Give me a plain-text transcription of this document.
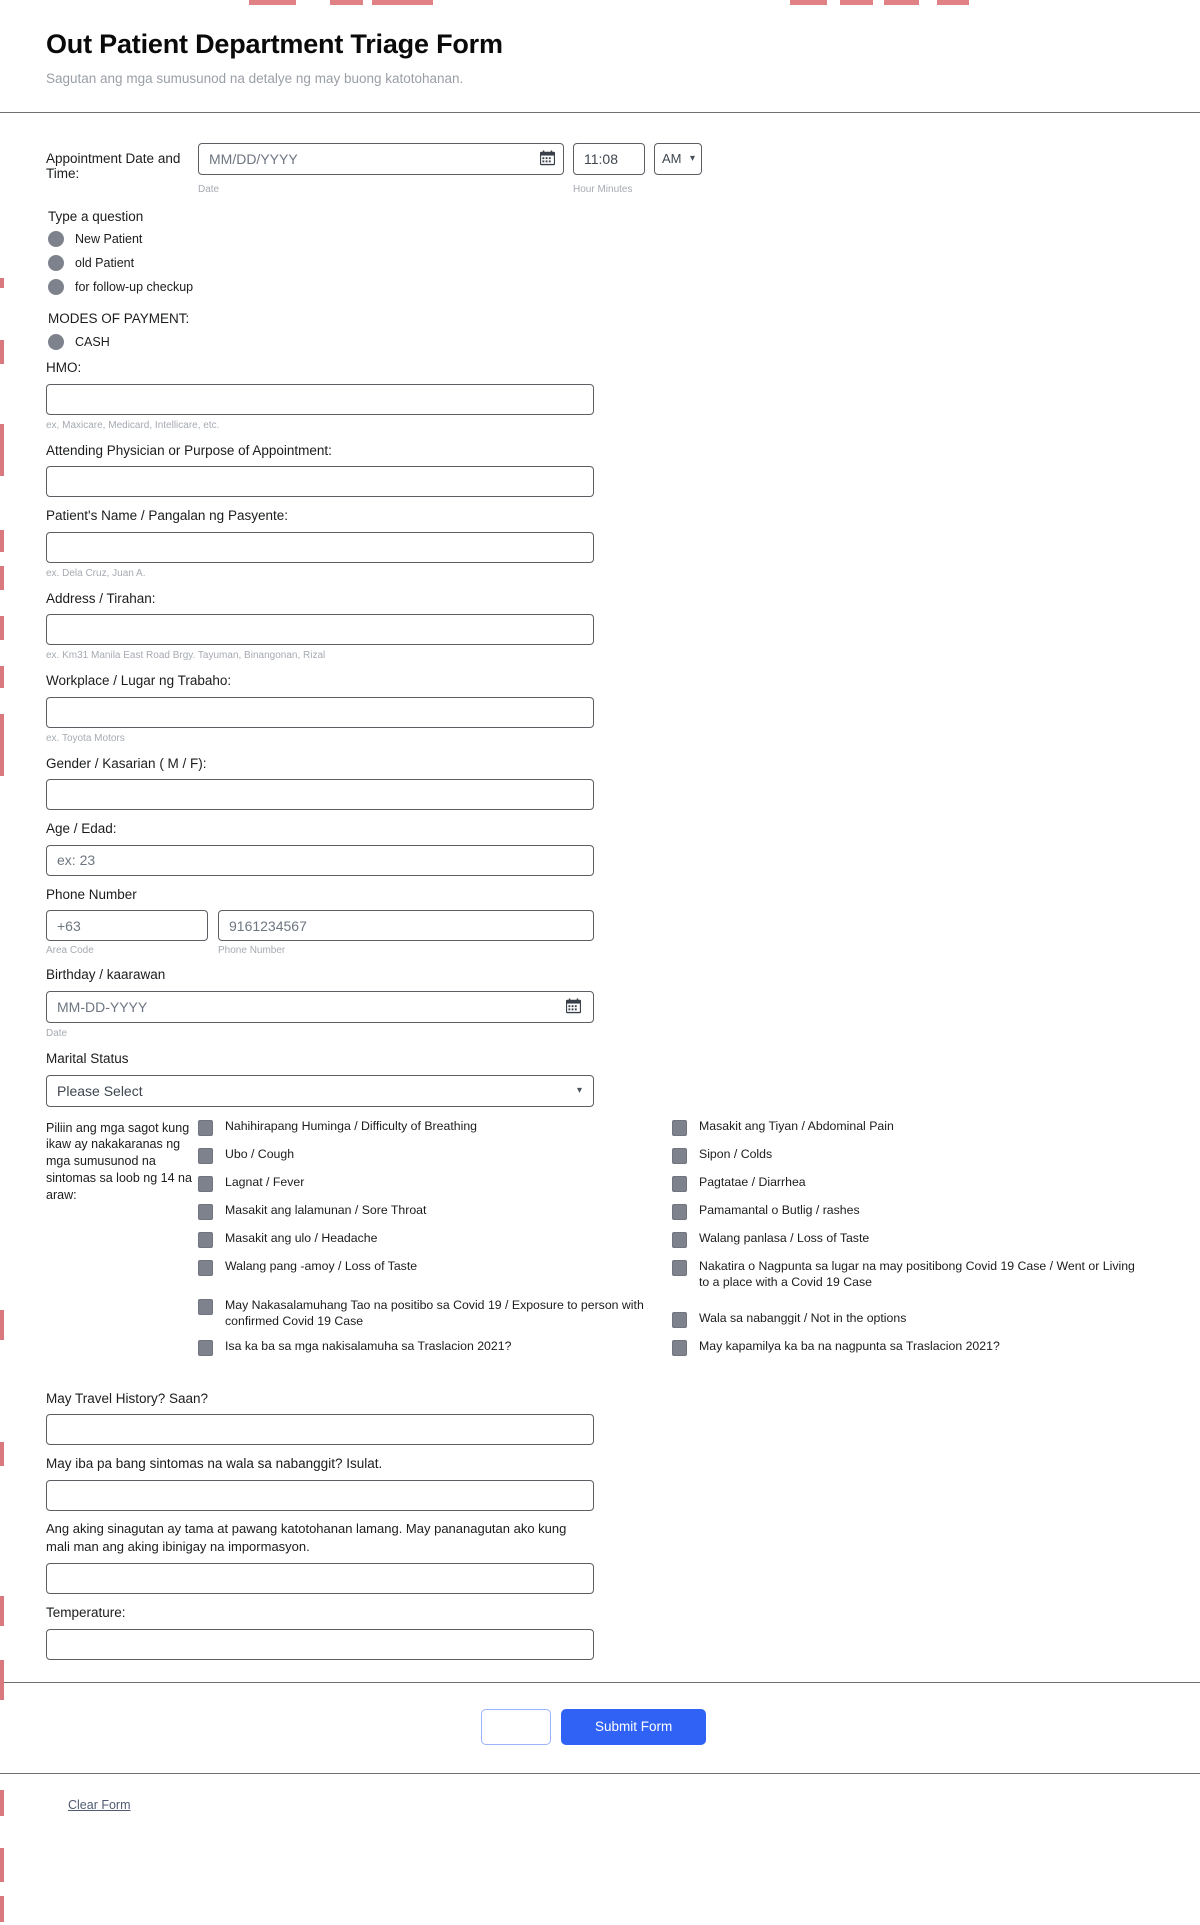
Out Patient Department Triage Form

Sagutan ang mga sumusunod na detalye ng may buong katotohanan.

Appointment Date and Time:
MM/DD/YYYY
11:08
AM
▾
Date	Hour Minutes
Type a question
New Patient
old Patient
for follow-up checkup
MODES OF PAYMENT:
CASH
HMO:
ex, Maxicare, Medicard, Intellicare, etc.
Attending Physician or Purpose of Appointment:
Patient's Name / Pangalan ng Pasyente:
ex. Dela Cruz, Juan A.
Address / Tirahan:
ex. Km31 Manila East Road Brgy. Tayuman, Binangonan, Rizal
Workplace / Lugar ng Trabaho:
ex. Toyota Motors
Gender / Kasarian ( M / F):
Age / Edad:
ex: 23
Phone Number
+63
9161234567
Area Code	Phone Number
Birthday / kaarawan
MM-DD-YYYY
Date
Marital Status
Please Select
▾
Piliin ang mga sagot kung ikaw ay nakakaranas ng mga sumusunod na sintomas sa loob ng 14 na araw:
Nahihirapang Huminga / Difficulty of Breathing
Ubo / Cough
Lagnat / Fever
Masakit ang lalamunan / Sore Throat
Masakit ang ulo / Headache
Walang pang -amoy / Loss of Taste
May Nakasalamuhang Tao na positibo sa Covid 19 / Exposure to person with confirmed Covid 19 Case
Isa ka ba sa mga nakisalamuha sa Traslacion 2021?
Masakit ang Tiyan / Abdominal Pain
Sipon / Colds
Pagtatae / Diarrhea
Pamamantal o Butlig / rashes
Walang panlasa / Loss of Taste
Nakatira o Nagpunta sa lugar na may positibong Covid 19 Case / Went or Living to a place with a Covid 19 Case
Wala sa nabanggit / Not in the options
May kapamilya ka ba na nagpunta sa Traslacion 2021?
May Travel History? Saan?
May iba pa bang sintomas na wala sa nabanggit? Isulat.
Ang aking sinagutan ay tama at pawang katotohanan lamang. May pananagutan ako kung mali man ang aking ibinigay na impormasyon.
Temperature:
Submit Form
Clear Form
